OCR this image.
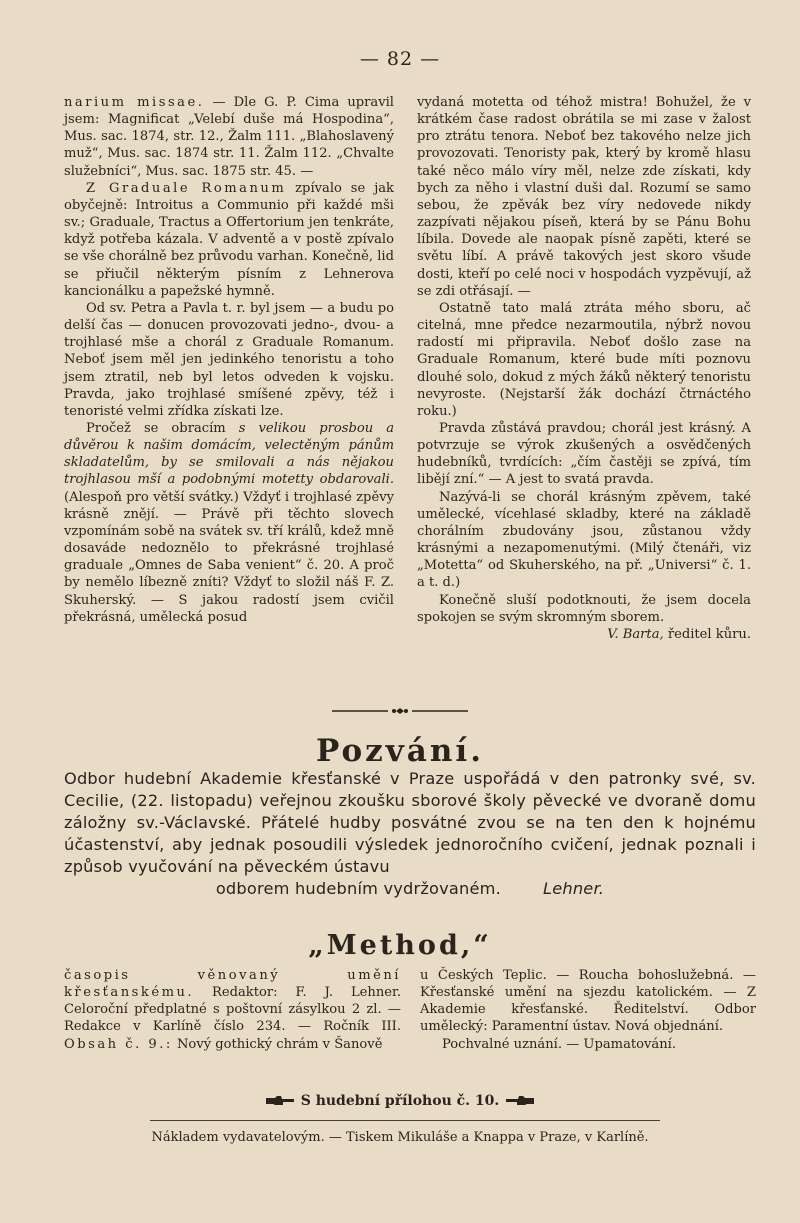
— 82 —

narium missae. — Dle G. P. Cima upravil jsem: Magnificat „Velebí duše má Hospodina“, Mus. sac. 1874, str. 12., Žalm 111. „Blahoslavený muž“, Mus. sac. 1874 str. 11. Žalm 112. „Chvalte služebníci“, Mus. sac. 1875 str. 45. —

Z Graduale Romanum zpívalo se jak obyčejně: Introitus a Communio při každé mši sv.; Graduale, Tractus a Offertorium jen tenkráte, když potřeba kázala. V adventě a v postě zpívalo se vše chorálně bez průvodu varhan. Konečně, lid se přiučil některým písním z Lehnerova kancionálku a papežské hymně.

Od sv. Petra a Pavla t. r. byl jsem — a budu po delší čas — donucen provozovati jedno-, dvou- a trojhlasé mše a chorál z Graduale Romanum. Neboť jsem měl jen jedinkého tenoristu a toho jsem ztratil, neb byl letos odveden k vojsku. Pravda, jako trojhlasé smíšené zpěvy, též i tenoristé velmi zřídka získati lze.

Pročež se obracím s velikou prosbou a důvěrou k našim domácím, velectěným pánům skladatelům, by se smilovali a nás nějakou trojhlasou mší a podobnými motetty obdarovali. (Alespoň pro větší svátky.) Vždyť i trojhlasé zpěvy krásně znějí. — Právě při těchto slovech vzpomínám sobě na svátek sv. tří králů, kdež mně dosaváde nedoznělo to překrásné trojhlasé graduale „Omnes de Saba venient“ č. 20. A proč by nemělo líbezně zníti? Vždyť to složil náš F. Z. Skuherský. — S jakou radostí jsem cvičil překrásná, umělecká posud

vydaná motetta od téhož mistra! Bohužel, že v krátkém čase radost obrátila se mi zase v žalost pro ztrátu tenora. Neboť bez takového nelze jich provozovati. Tenoristy pak, který by kromě hlasu také něco málo víry měl, nelze zde získati, kdy bych za něho i vlastní duši dal. Rozumí se samo sebou, že zpěvák bez víry nedovede nikdy zazpívati nějakou píseň, která by se Pánu Bohu líbila. Dovede ale naopak písně zapěti, které se světu líbí. A právě takových jest skoro všude dosti, kteří po celé noci v hospodách vyzpěvují, až se zdi otřásají. —

Ostatně tato malá ztráta mého sboru, ač citelná, mne předce nezarmoutila, nýbrž novou radostí mi připravila. Neboť došlo zase na Graduale Romanum, které bude míti poznovu dlouhé solo, dokud z mých žáků některý tenoristu nevyroste. (Nejstarší žák dochází čtrnáctého roku.)

Pravda zůstává pravdou; chorál jest krásný. A potvrzuje se výrok zkušených a osvědčených hudebníků, tvrdících: „čím častěji se zpívá, tím libějí zní.“ — A jest to svatá pravda.

Nazývá-li se chorál krásným zpěvem, také umělecké, vícehlasé skladby, které na základě chorálním zbudovány jsou, zůstanou vždy krásnými a nezapomenutými. (Milý čtenáři, viz „Motetta“ od Skuherského, na př. „Universi“ č. 1. a t. d.)

Konečně sluší podotknouti, že jsem docela spokojen se svým skromným sborem.

V. Barta, ředitel kůru.

Pozvání.
Odbor hudební Akademie křesťanské v Praze uspořádá v den patronky své, sv. Cecilie, (22. listopadu) veřejnou zkoušku sborové školy pěvecké ve dvoraně domu záložny sv.-Václavské. Přátelé hudby posvátné zvou se na ten den k hojnému účastenství, aby jednak posoudili výsledek jednoročního cvičení, jednak poznali i způsob vyučování na pěveckém ústavu
odborem hudebním vydržovaném.	Lehner.
„Method,“

časopis věnovaný umění křesťanskému. Redaktor: F. J. Lehner. Celoroční předplatné s poštovní zásylkou 2 zl. — Redakce v Karlíně číslo 234. — Ročník III. Obsah č. 9.: Nový gothický chrám v Šanově

u Českých Teplic. — Roucha bohoslužebná. — Křesťanské umění na sjezdu katolickém. — Z Akademie křesťanské. Ředitelství. Odbor umělecký: Paramentní ústav. Nová objednání.

Pochvalné uznání. — Upamatování.

S hudební přílohou č. 10.
Nákladem vydavatelovým. — Tiskem Mikuláše a Knappa v Praze, v Karlíně.
